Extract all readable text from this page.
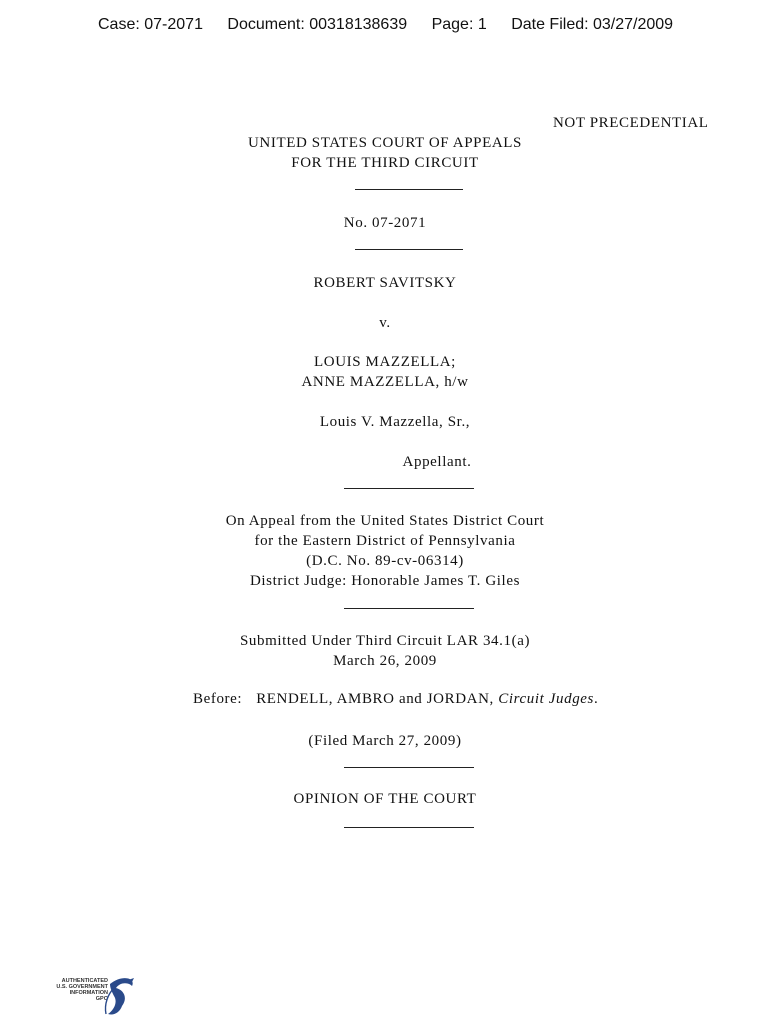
Case: 07-2071 Document: 00318138639 Page: 1 Date Filed: 03/27/2009
NOT PRECEDENTIAL
UNITED STATES COURT OF APPEALS
FOR THE THIRD CIRCUIT
No. 07-2071
ROBERT SAVITSKY
v.
LOUIS MAZZELLA;
ANNE MAZZELLA, h/w
Louis V. Mazzella, Sr.,
Appellant.
On Appeal from the United States District Court
for the Eastern District of Pennsylvania
(D.C. No. 89-cv-06314)
District Judge: Honorable James T. Giles
Submitted Under Third Circuit LAR 34.1(a)
March 26, 2009
Before: RENDELL, AMBRO and JORDAN, Circuit Judges.
(Filed March 27, 2009)
OPINION OF THE COURT
AUTHENTICATED
U.S. GOVERNMENT
INFORMATION
GPO
